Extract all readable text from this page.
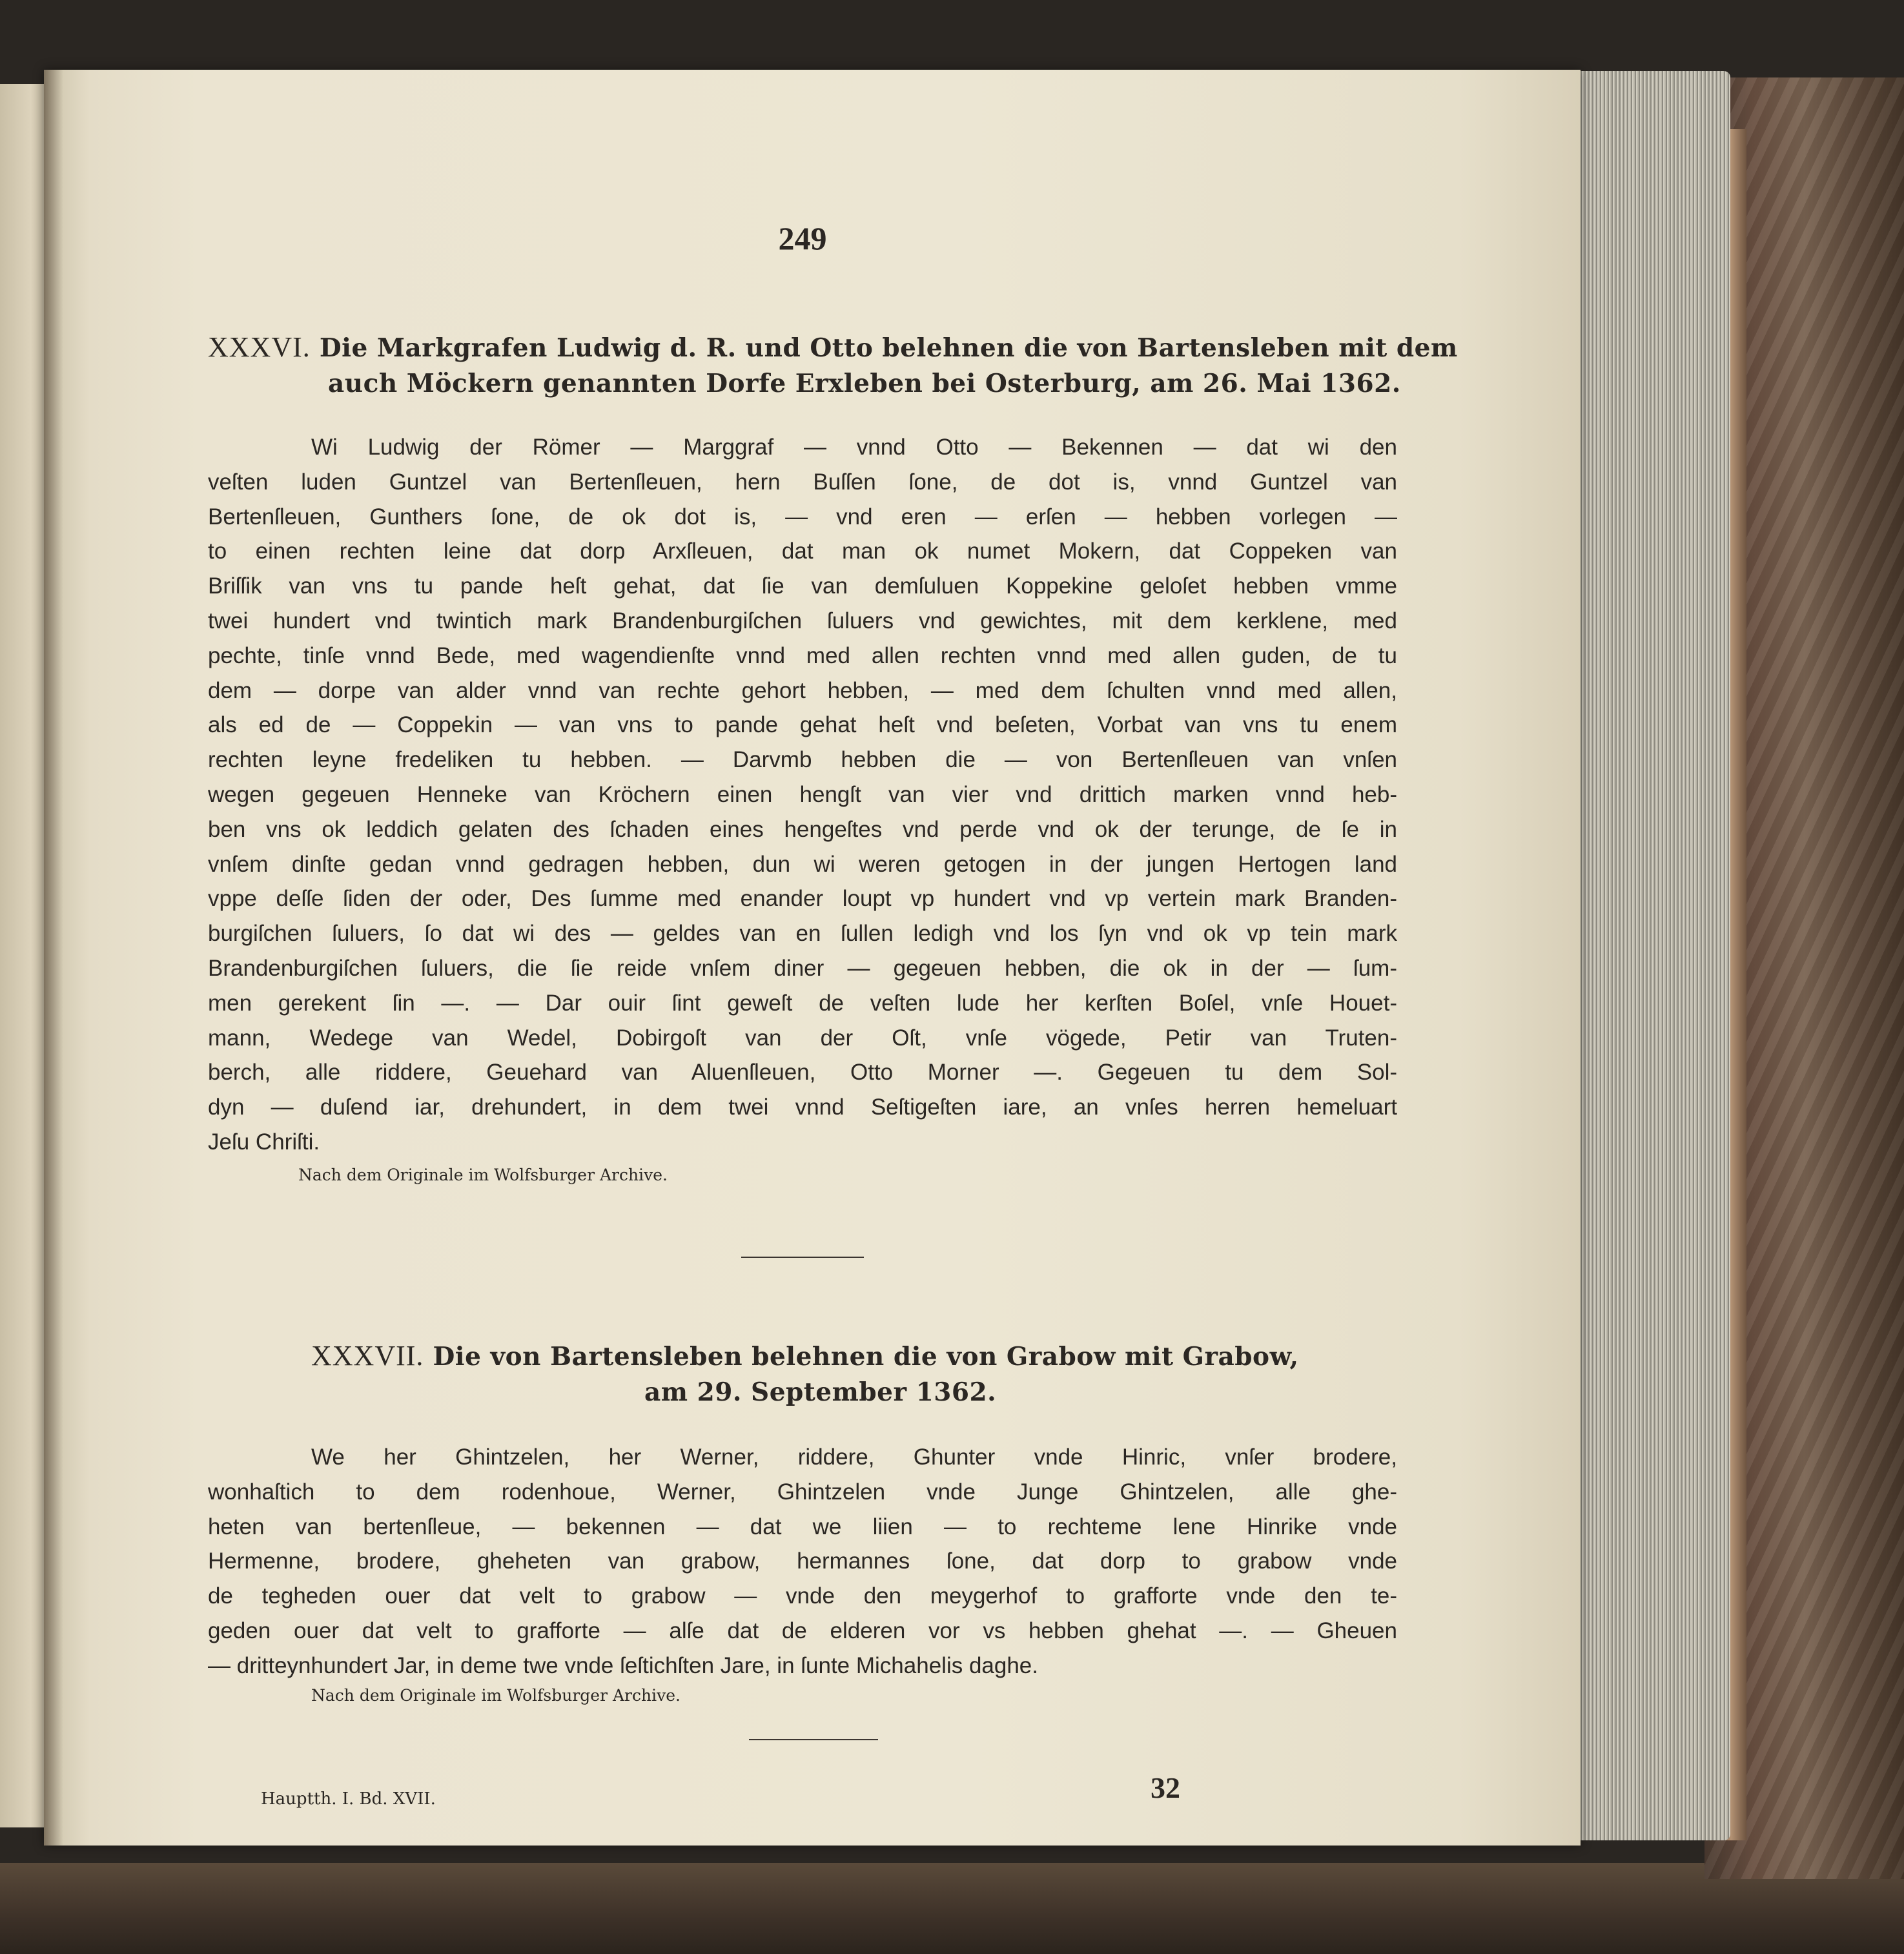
249

XXXVI. Die Markgrafen Ludwig d. R. und Otto belehnen die von Bartensleben mit dem
auch Möckern genannten Dorfe Erxleben bei Osterburg, am 26. Mai 1362.
Wi Ludwig der Römer — Marggraf — vnnd Otto — Bekennen — dat wi den
veſten luden Guntzel van Bertenſleuen, hern Buſſen ſone, de dot is, vnnd Guntzel van
Bertenſleuen, Gunthers ſone, de ok dot is, — vnd eren — erſen — hebben vorlegen —
to einen rechten leine dat dorp Arxſleuen, dat man ok numet Mokern, dat Coppeken van
Briſſik van vns tu pande heſt gehat, dat ſie van demſuluen Koppekine geloſet hebben vmme
twei hundert vnd twintich mark Brandenburgiſchen ſuluers vnd gewichtes, mit dem kerklene, med
pechte, tinſe vnnd Bede, med wagendienſte vnnd med allen rechten vnnd med allen guden, de tu
dem — dorpe van alder vnnd van rechte gehort hebben, — med dem ſchulten vnnd med allen,
als ed de — Coppekin — van vns to pande gehat heſt vnd beſeten, Vorbat van vns tu enem
rechten leyne fredeliken tu hebben. — Darvmb hebben die — von Bertenſleuen van vnſen
wegen gegeuen Henneke van Kröchern einen hengſt van vier vnd drittich marken vnnd heb-
ben vns ok leddich gelaten des ſchaden eines hengeſtes vnd perde vnd ok der terunge, de ſe in
vnſem dinſte gedan vnnd gedragen hebben, dun wi weren getogen in der jungen Hertogen land
vppe deſſe ſiden der oder, Des ſumme med enander loupt vp hundert vnd vp vertein mark Branden-
burgiſchen ſuluers, ſo dat wi des — geldes van en ſullen ledigh vnd los ſyn vnd ok vp tein mark
Brandenburgiſchen ſuluers, die ſie reide vnſem diner — gegeuen hebben, die ok in der — ſum-
men gerekent ſin —. — Dar ouir ſint geweſt de veſten lude her kerſten Boſel, vnſe Houet-
mann, Wedege van Wedel, Dobirgoſt van der Oſt, vnſe vögede, Petir van Truten-
berch, alle riddere, Geuehard van Aluenſleuen, Otto Morner —. Gegeuen tu dem Sol-
dyn — duſend iar, drehundert, in dem twei vnnd Seſtigeſten iare, an vnſes herren hemeluart
Jeſu Chriſti.

Nach dem Originale im Wolfsburger Archive.

XXXVII. Die von Bartensleben belehnen die von Grabow mit Grabow,
am 29. September 1362.
We her Ghintzelen, her Werner, riddere, Ghunter vnde Hinric, vnſer brodere,
wonhaſtich to dem rodenhoue, Werner, Ghintzelen vnde Junge Ghintzelen, alle ghe-
heten van bertenſleue, — bekennen — dat we liien — to rechteme lene Hinrike vnde
Hermenne, brodere, gheheten van grabow, hermannes ſone, dat dorp to grabow vnde
de tegheden ouer dat velt to grabow — vnde den meygerhof to grafforte vnde den te-
geden ouer dat velt to grafforte — alſe dat de elderen vor vs hebben ghehat —. — Gheuen
— dritteynhundert Jar, in deme twe vnde ſeſtichſten Jare, in ſunte Michahelis daghe.

Nach dem Originale im Wolfsburger Archive.

Hauptth. I. Bd. XVII.	32
